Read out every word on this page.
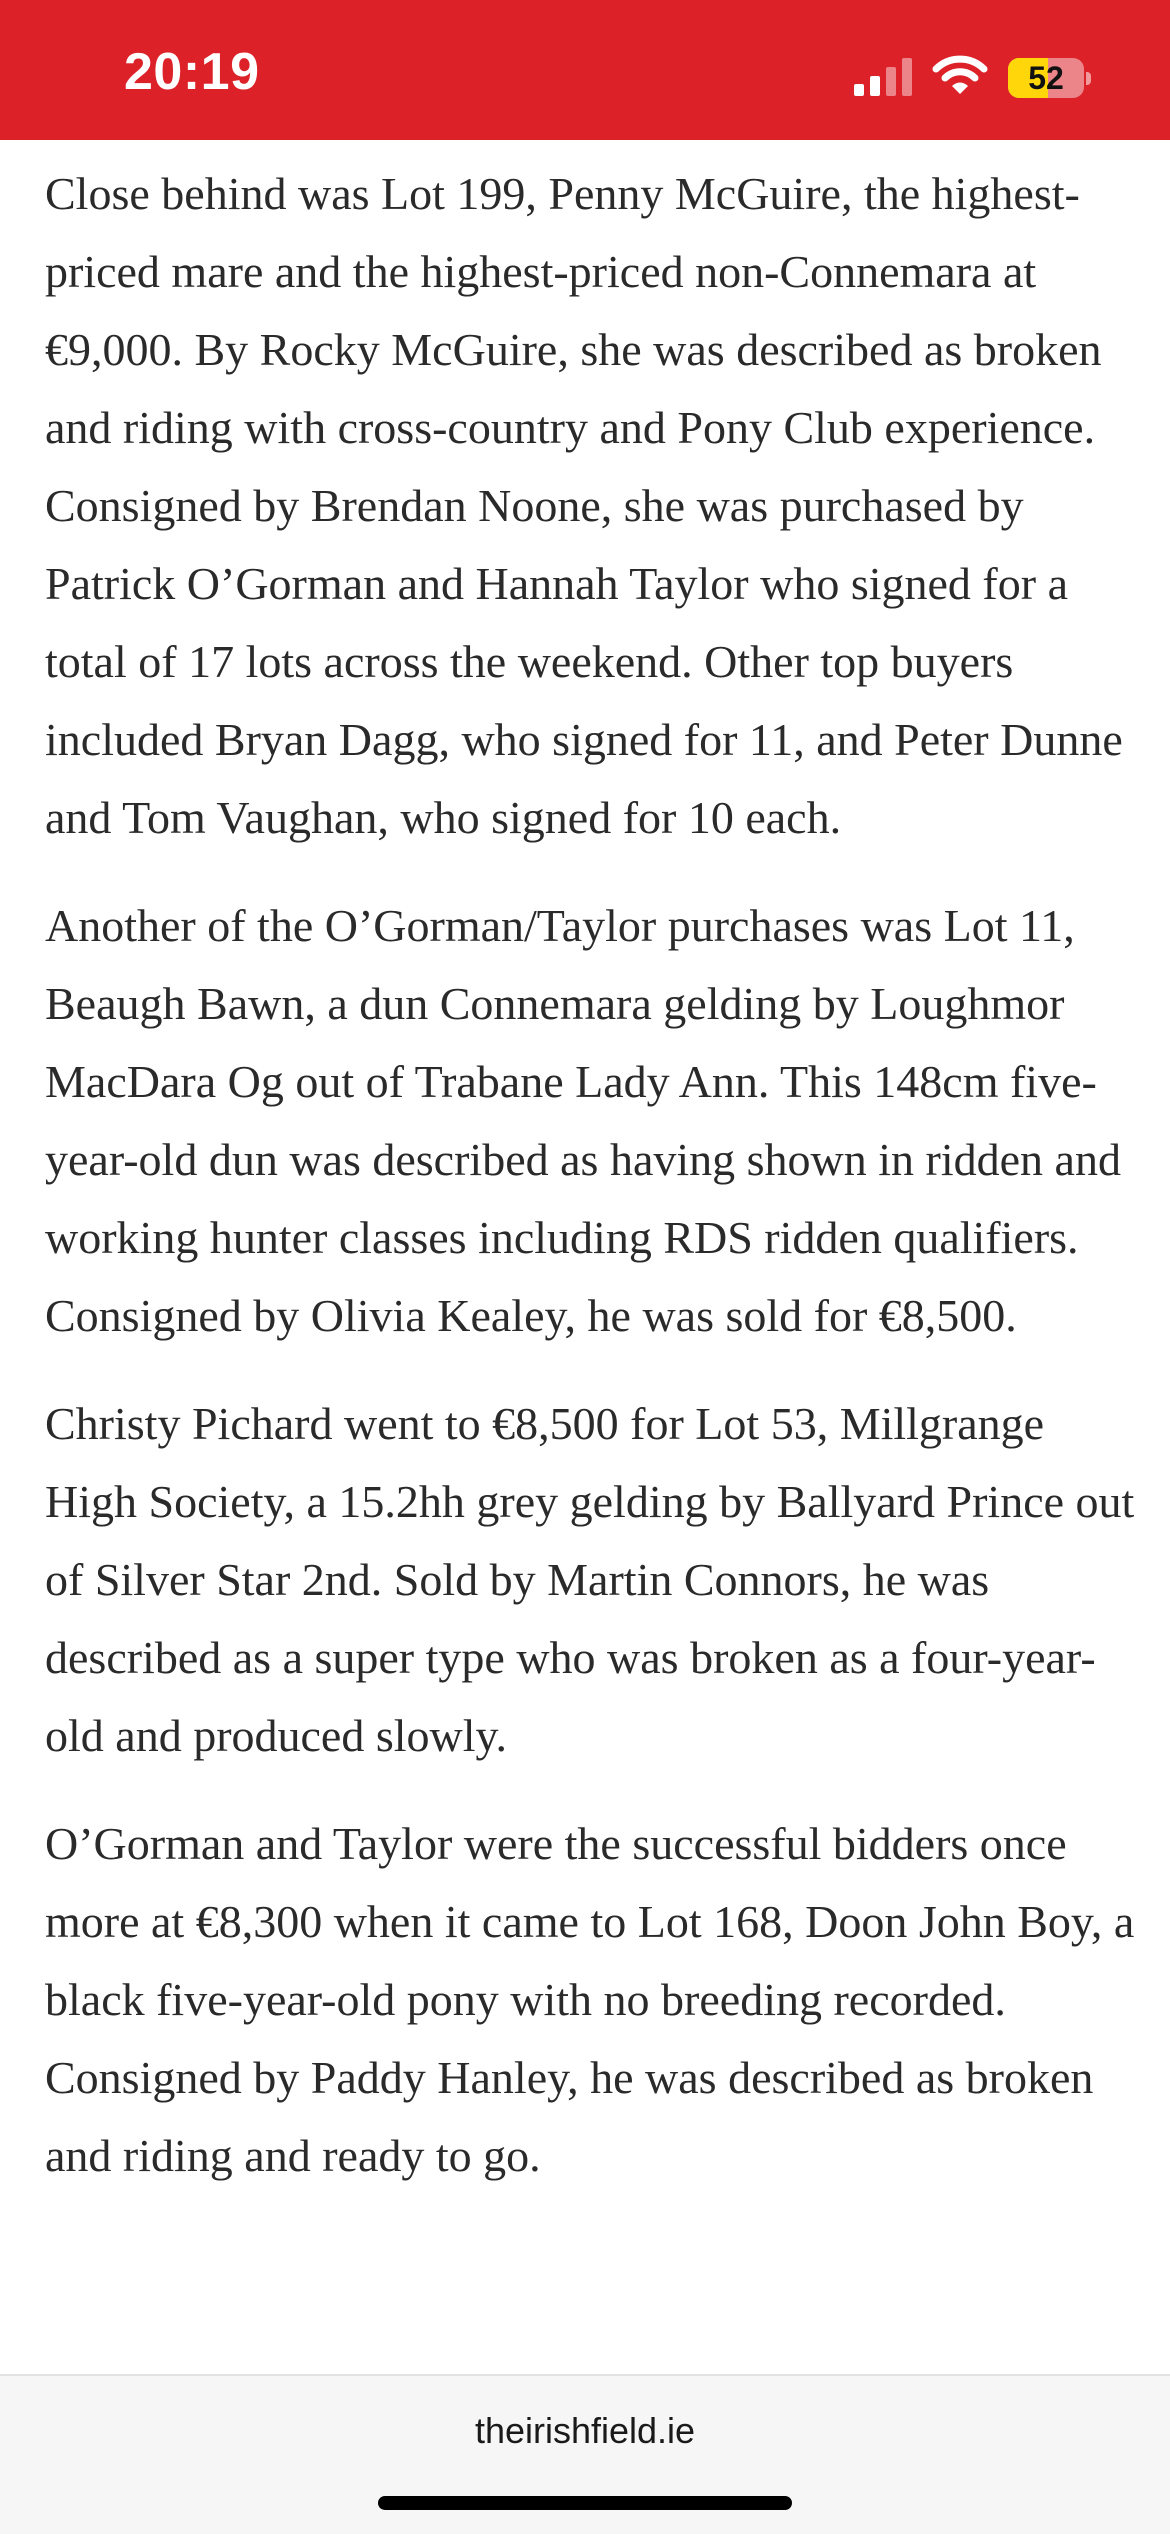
20:19	52

Close behind was Lot 199, Penny McGuire, the highest-priced mare and the highest-priced non-Connemara at €9,000. By Rocky McGuire, she was described as broken and riding with cross-country and Pony Club experience. Consigned by Brendan Noone, she was purchased by Patrick O’Gorman and Hannah Taylor who signed for a total of 17 lots across the weekend. Other top buyers included Bryan Dagg, who signed for 11, and Peter Dunne and Tom Vaughan, who signed for 10 each.

Another of the O’Gorman/Taylor purchases was Lot 11, Beaugh Bawn, a dun Connemara gelding by Loughmor MacDara Og out of Trabane Lady Ann. This 148cm five-year-old dun was described as having shown in ridden and working hunter classes including RDS ridden qualifiers. Consigned by Olivia Kealey, he was sold for €8,500.

Christy Pichard went to €8,500 for Lot 53, Millgrange High Society, a 15.2hh grey gelding by Ballyard Prince out of Silver Star 2nd. Sold by Martin Connors, he was described as a super type who was broken as a four-year-old and produced slowly.

O’Gorman and Taylor were the successful bidders once more at €8,300 when it came to Lot 168, Doon John Boy, a black five-year-old pony with no breeding recorded. Consigned by Paddy Hanley, he was described as broken and riding and ready to go.

theirishfield.ie
